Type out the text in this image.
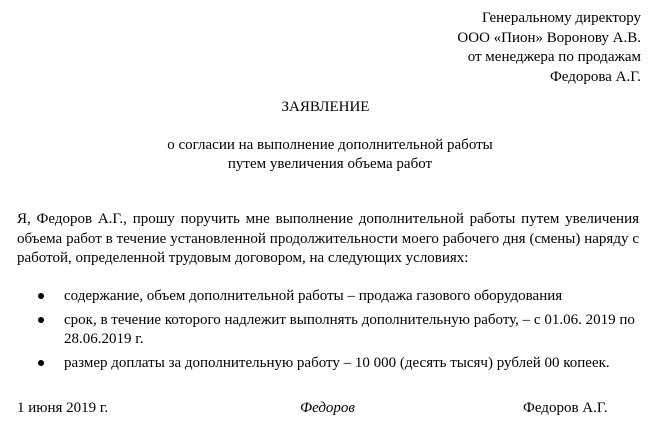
Генеральному директору
ООО «Пион» Воронову А.В.
от менеджера по продажам
Федорова А.Г.
ЗАЯВЛЕНИЕ
о согласии на выполнение дополнительной работы
путем увеличения объема работ
Я, Федоров А.Г., прошу поручить мне выполнение дополнительной работы путем увеличения объема работ в течение установленной продолжительности моего рабочего дня (смены) наряду с работой, определенной трудовым договором, на следующих условиях:
содержание, объем дополнительной работы – продажа газового оборудования
срок, в течение которого надлежит выполнять дополнительную работу, – с 01.06. 2019 по 28.06.2019 г.
размер доплаты за дополнительную работу – 10 000 (десять тысяч) рублей 00 копеек.
1 июня 2019 г.	Федоров	Федоров А.Г.
